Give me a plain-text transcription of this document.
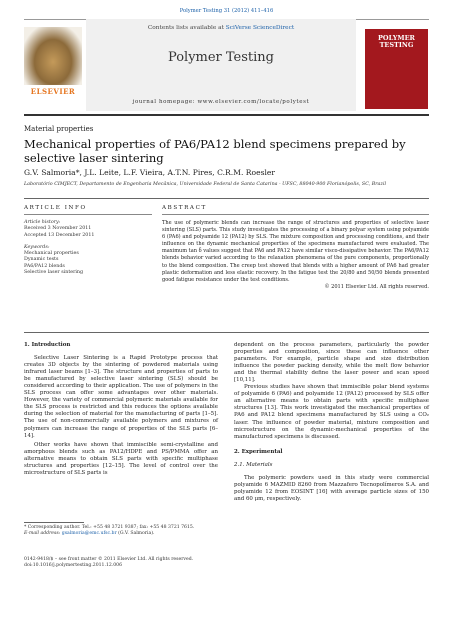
Polymer Testing 31 (2012) 411–416
ELSEVIER
Contents lists available at SciVerse ScienceDirect
Polymer Testing
journal homepage: www.elsevier.com/locate/polytest
POLYMER TESTING
Material properties
Mechanical properties of PA6/PA12 blend specimens prepared by selective laser sintering
G.V. Salmoria*, J.L. Leite, L.F. Vieira, A.T.N. Pires, C.R.M. Roesler
Laboratório CIMJECT, Departamento de Engenharia Mecânica, Universidade Federal de Santa Catarina - UFSC, 88040-900 Florianópolis, SC, Brazil
ARTICLE INFO	ABSTRACT
Article history:
Received 3 November 2011
Accepted 13 December 2011
Keywords:
Mechanical properties
Dynamic tests
PA6/PA12 blends
Selective laser sintering
The use of polymeric blends can increase the range of structures and properties of selective laser sintering (SLS) parts. This study investigates the processing of a binary polyar system using polyamide 6 (PA6) and polyamide 12 (PA12) by SLS. The mixture composition and processing conditions, and their influence on the dynamic mechanical properties of the specimens manufactured were evaluated. The maximum tan δ values suggest that PA6 and PA12 have similar visco-dissipative behavior. The PA6/PA12 blends behavior varied according to the relaxation phenomena of the pure components, proportionally to the blend composition. The creep test showed that blends with a higher amount of PA6 had greater plastic deformation and less elastic recovery. In the fatigue test the 20/80 and 50/50 blends presented good fatigue resistance under the test conditions.
© 2011 Elsevier Ltd. All rights reserved.
1. Introduction
Selective Laser Sintering is a Rapid Prototype process that creates 3D objects by the sintering of powdered materials using infrared laser beams [1–3]. The structure and properties of parts to be manufactured by selective laser sintering (SLS) should be considered according to their application. The use of polymers in the SLS process can offer some advantages over other materials. However, the variety of commercial polymeric materials available for the SLS process is restricted and this reduces the options available during the selection of material for the manufacturing of parts [1–5]. The use of non-commercially available polymers and mixtures of polymers can increase the range of properties of the SLS parts [6–14].
Other works have shown that immiscible semi-crystalline and amorphous blends such as PA12/HDPE and PS/PMMA offer an alternative means to obtain SLS parts with specific multiphase structures and properties [12–15]. The level of control over the microstructure of SLS parts is
dependent on the process parameters, particularly the powder properties and composition, since these can influence other parameters. For example, particle shape and size distribution influence the powder packing density, while the melt flow behavior and the thermal stability define the laser power and scan speed [10,11].
Previous studies have shown that immiscible polar blend systems of polyamide 6 (PA6) and polyamide 12 (PA12) processed by SLS offer an alternative means to obtain parts with specific multiphase structures [13]. This work investigated the mechanical properties of PA6 and PA12 blend specimens manufactured by SLS using a CO₂ laser. The influence of powder material, mixture composition and microstructure on the dynamic-mechanical properties of the manufactured specimens is discussed.
2. Experimental
2.1. Materials
The polymeric powders used in this study were commercial polyamide 6 MAZMID 8260 from Mazzafero Tecnopolímeros S.A. and polyamide 12 from EOSINT [16] with average particle sizes of 150 and 60 μm, respectively.
* Corresponding author. Tel.: +55 48 3721 9387; fax: +55 48 3721 7615.
E-mail address: gsalmoria@emc.ufsc.br (G.V. Salmoria).
0142-9418/$ – see front matter © 2011 Elsevier Ltd. All rights reserved.
doi:10.1016/j.polymertesting.2011.12.006
